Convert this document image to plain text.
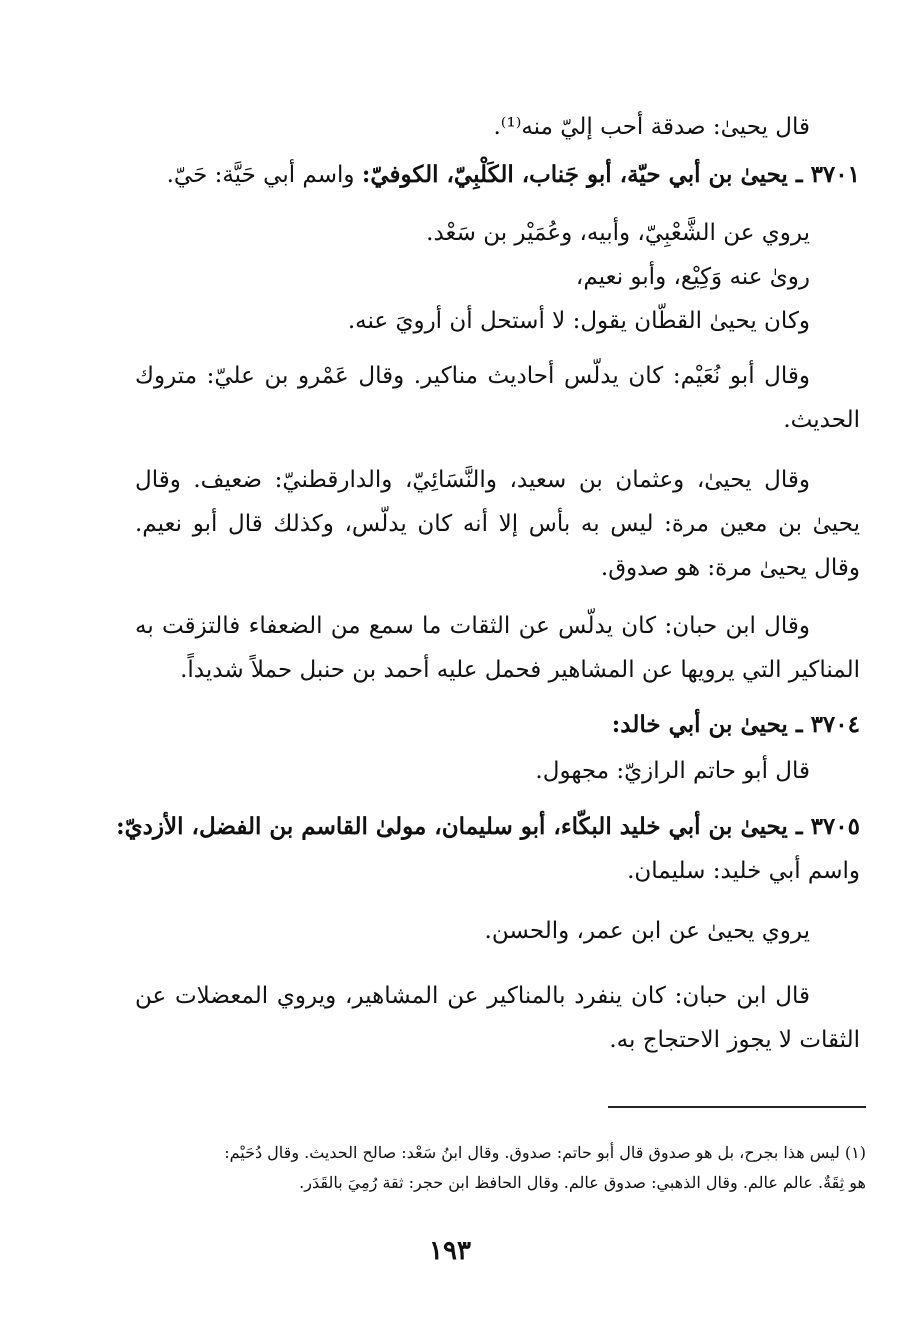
قال يحيىٰ: صدقة أحب إليّ منه⁽¹⁾.
٣٧٠١ ـ يحيىٰ بن أبي حيّة، أبو جَناب، الكَلْبِيّ، الكوفيّ: واسم أبي حَيَّة: حَيّ.
يروي عن الشَّعْبِيّ، وأبيه، وعُمَيْر بن سَعْد.
روىٰ عنه وَكِيْع، وأبو نعيم،
وكان يحيىٰ القطّان يقول: لا أستحل أن أرويَ عنه.
وقال أبو نُعَيْم: كان يدلّس أحاديث مناكير. وقال عَمْرو بن عليّ: متروك الحديث.
وقال يحيىٰ، وعثمان بن سعيد، والنَّسَائِيّ، والدارقطنيّ: ضعيف. وقال يحيىٰ بن معين مرة: ليس به بأس إلا أنه كان يدلّس، وكذلك قال أبو نعيم. وقال يحيىٰ مرة: هو صدوق.
وقال ابن حبان: كان يدلّس عن الثقات ما سمع من الضعفاء فالتزقت به المناكير التي يرويها عن المشاهير فحمل عليه أحمد بن حنبل حملاً شديداً.
٣٧٠٤ ـ يحيىٰ بن أبي خالد:
قال أبو حاتم الرازيّ: مجهول.
٣٧٠٥ ـ يحيىٰ بن أبي خليد البكّاء، أبو سليمان، مولىٰ القاسم بن الفضل، الأزديّ:
واسم أبي خليد: سليمان.
يروي يحيىٰ عن ابن عمر، والحسن.
قال ابن حبان: كان ينفرد بالمناكير عن المشاهير، ويروي المعضلات عن الثقات لا يجوز الاحتجاج به.
(١) ليس هذا بجرح، بل هو صدوق قال أبو حاتم: صدوق. وقال ابنُ سَعْد: صالح الحديث. وقال دُحَيْم:
هو ثِقَةٌ. عالم عالم. وقال الذهبي: صدوق عالم. وقال الحافظ ابن حجر: ثقة رُمِيَ بالقَدَر.
١٩٣
